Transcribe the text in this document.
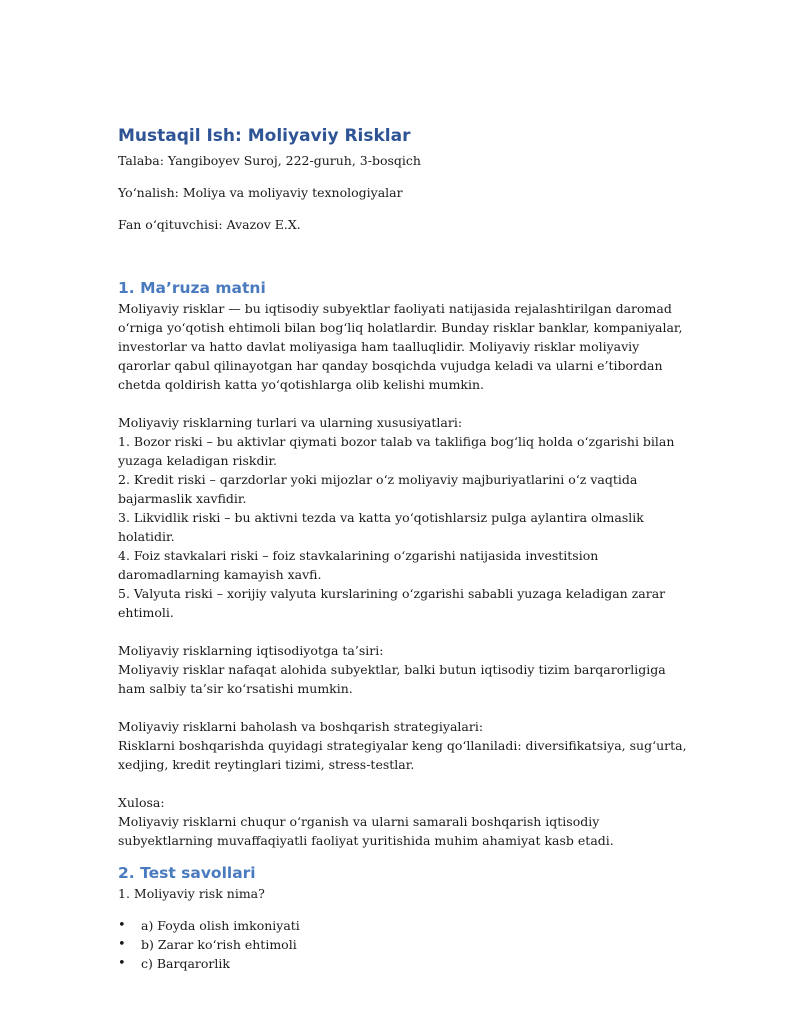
Mustaqil Ish: Moliyaviy Risklar

Talaba: Yangiboyev Suroj, 222-guruh, 3-bosqich

Yo‘nalish: Moliya va moliyaviy texnologiyalar

Fan o‘qituvchisi: Avazov E.X.

1. Ma’ruza matni

Moliyaviy risklar — bu iqtisodiy subyektlar faoliyati natijasida rejalashtirilgan daromad o‘rniga yo‘qotish ehtimoli bilan bog‘liq holatlardir. Bunday risklar banklar, kompaniyalar, investorlar va hatto davlat moliyasiga ham taalluqlidir. Moliyaviy risklar moliyaviy qarorlar qabul qilinayotgan har qanday bosqichda vujudga keladi va ularni e’tibordan chetda qoldirish katta yo‘qotishlarga olib kelishi mumkin.

Moliyaviy risklarning turlari va ularning xususiyatlari:

1. Bozor riski – bu aktivlar qiymati bozor talab va taklifiga bog‘liq holda o‘zgarishi bilan yuzaga keladigan riskdir.

2. Kredit riski – qarzdorlar yoki mijozlar o‘z moliyaviy majburiyatlarini o‘z vaqtida bajarmaslik xavfidir.

3. Likvidlik riski – bu aktivni tezda va katta yo‘qotishlarsiz pulga aylantira olmaslik holatidir.

4. Foiz stavkalari riski – foiz stavkalarining o‘zgarishi natijasida investitsion daromadlarning kamayish xavfi.

5. Valyuta riski – xorijiy valyuta kurslarining o‘zgarishi sababli yuzaga keladigan zarar ehtimoli.

Moliyaviy risklarning iqtisodiyotga ta’siri:

Moliyaviy risklar nafaqat alohida subyektlar, balki butun iqtisodiy tizim barqarorligiga ham salbiy ta’sir ko‘rsatishi mumkin.

Moliyaviy risklarni baholash va boshqarish strategiyalari:

Risklarni boshqarishda quyidagi strategiyalar keng qo‘llaniladi: diversifikatsiya, sug‘urta, xedjing, kredit reytinglari tizimi, stress-testlar.

Xulosa:

Moliyaviy risklarni chuqur o‘rganish va ularni samarali boshqarish iqtisodiy subyektlarning muvaffaqiyatli faoliyat yuritishida muhim ahamiyat kasb etadi.

2. Test savollari

1. Moliyaviy risk nima?

• a) Foyda olish imkoniyati
• b) Zarar ko‘rish ehtimoli
• c) Barqarorlik
